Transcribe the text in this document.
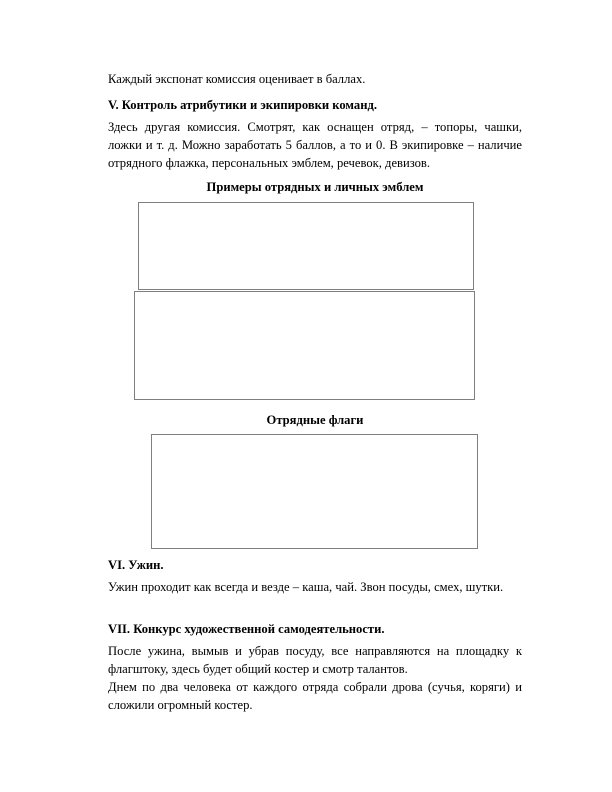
Каждый экспонат комиссия оценивает в баллах.
V. Контроль атрибутики и экипировки команд.
Здесь другая комиссия. Смотрят, как оснащен отряд, – топоры, чашки, ложки и т. д. Можно заработать 5 баллов, а то и 0. В экипировке – наличие отрядного флажка, персональных эмблем, речевок, девизов.
Примеры отрядных и личных эмблем
Отрядные флаги
VI. Ужин.
Ужин проходит как всегда и везде – каша, чай. Звон посуды, смех, шутки.
VII. Конкурс художественной самодеятельности.
После ужина, вымыв и убрав посуду, все направляются на площадку к флагштоку, здесь будет общий костер и смотр талантов.
Днем по два человека от каждого отряда собрали дрова (сучья, коряги) и сложили огромный костер.
